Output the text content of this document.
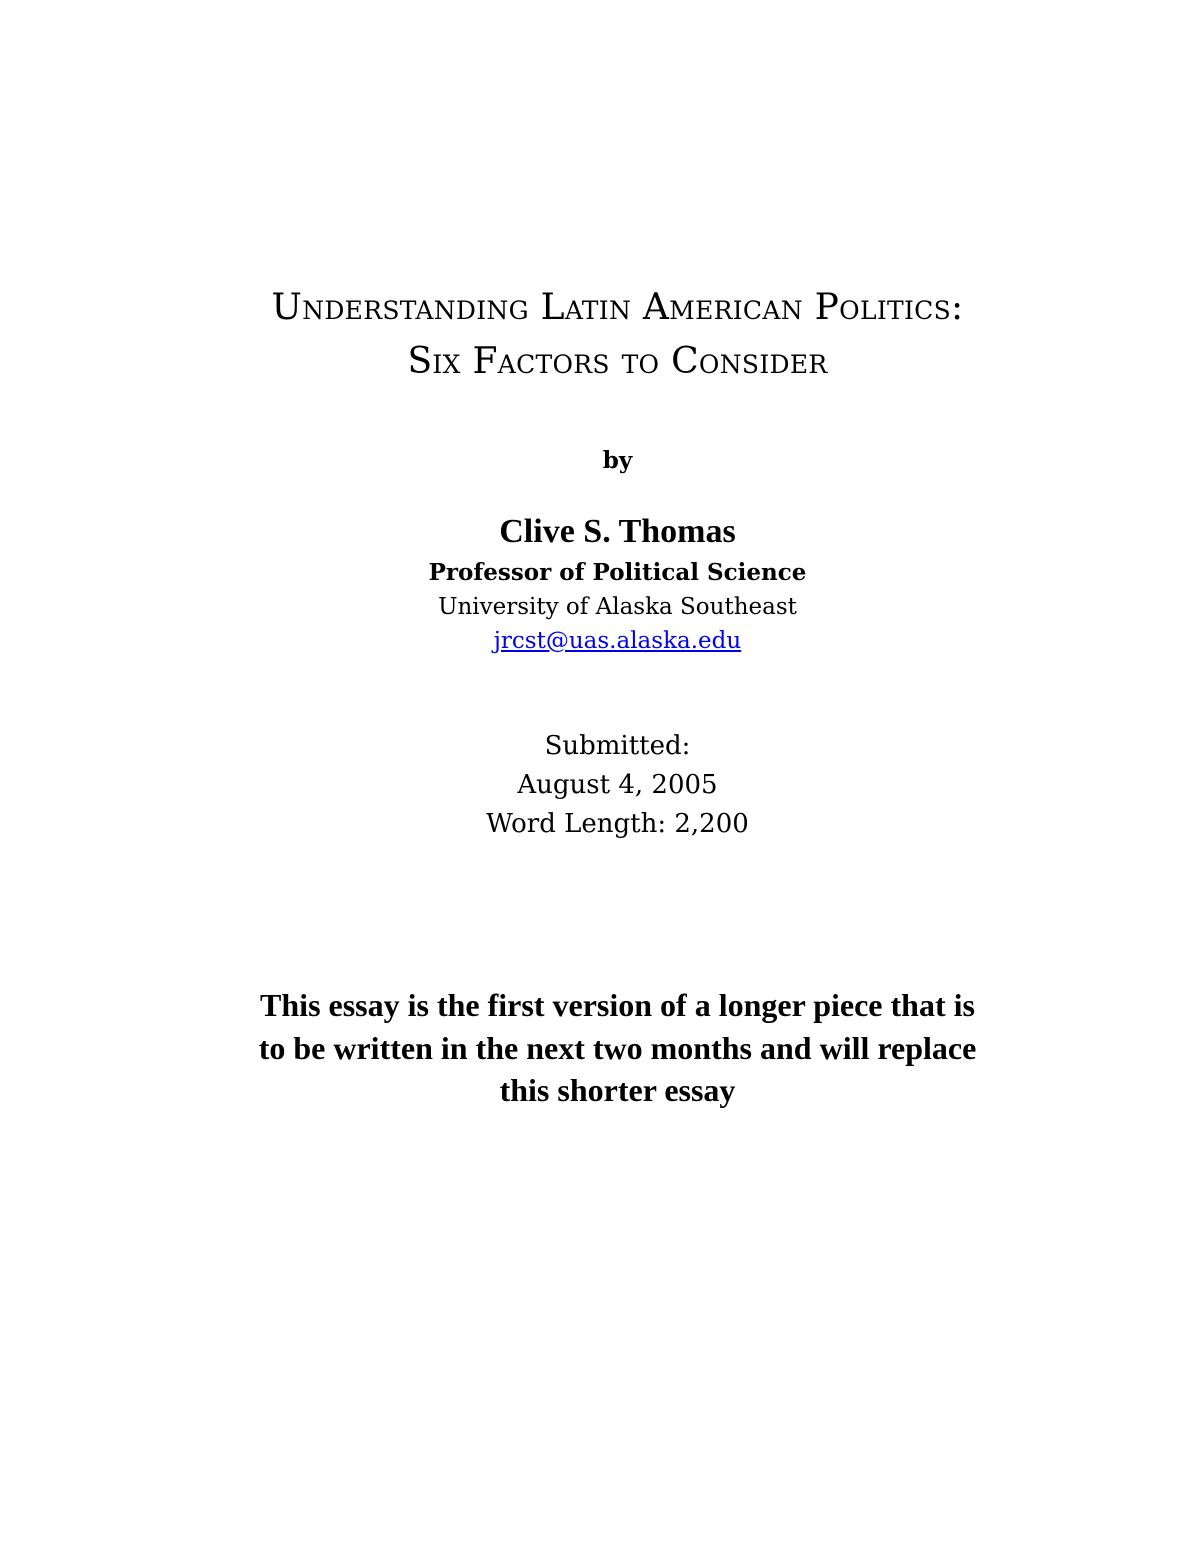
Understanding Latin American Politics:
Six Factors to Consider
by
Clive S. Thomas
Professor of Political Science
University of Alaska Southeast
jrcst@uas.alaska.edu
Submitted:
August 4, 2005
Word Length: 2,200
This essay is the first version of a longer piece that is
to be written in the next two months and will replace
this shorter essay
